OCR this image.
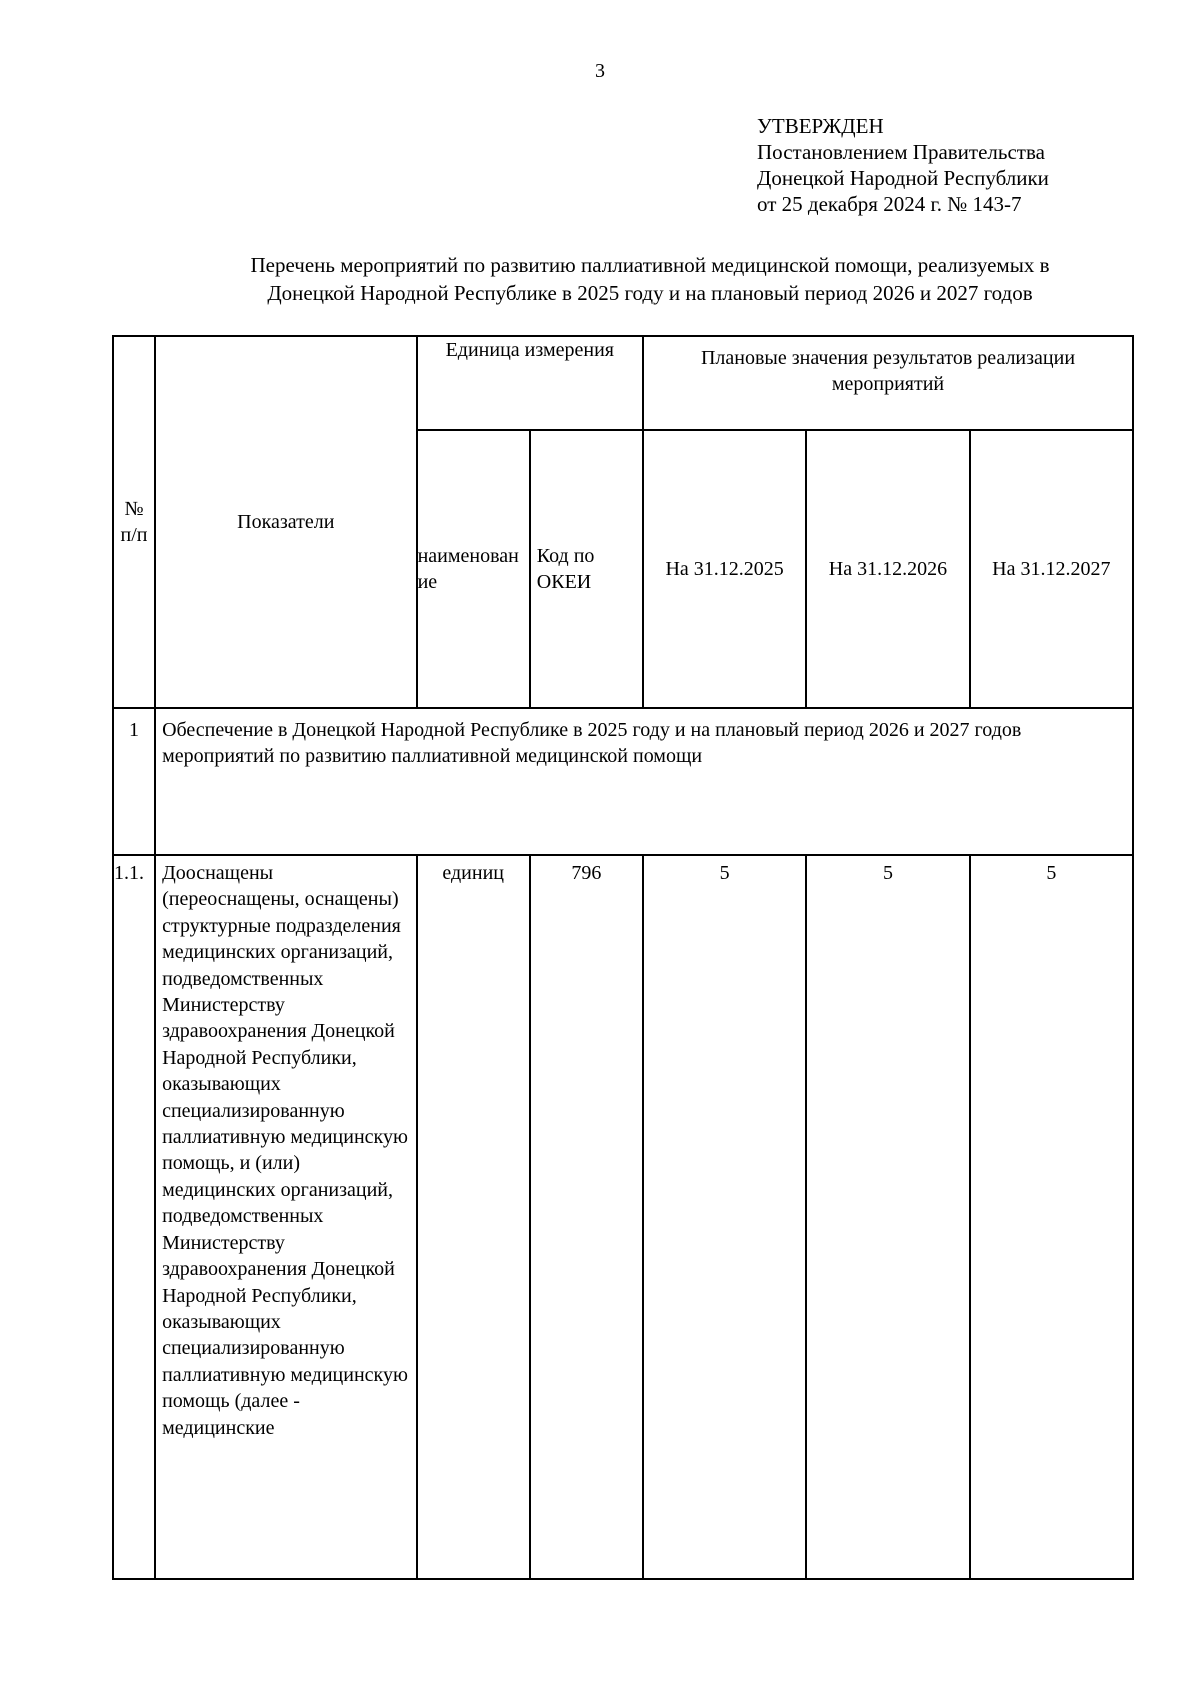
3
УТВЕРЖДЕН
Постановлением Правительства
Донецкой Народной Республики
от 25 декабря 2024 г. № 143-7
Перечень мероприятий по развитию паллиативной медицинской помощи, реализуемых в
Донецкой Народной Республике в 2025 году и на плановый период 2026 и 2027 годов
№ п/п	Показатели	Единица измерения		Плановые значения результатов реализации мероприятий		
		наименование	Код по ОКЕИ	На 31.12.2025	На 31.12.2026	На 31.12.2027
1	Обеспечение в Донецкой Народной Республике в 2025 году и на плановый период 2026 и 2027 годов мероприятий по развитию паллиативной медицинской помощи					
1.1.	Дооснащены (переоснащены, оснащены) структурные подразделения медицинских организаций, подведомственных Министерству здравоохранения Донецкой Народной Республики, оказывающих специализированную паллиативную медицинскую помощь, и (или) медицинских организаций, подведомственных Министерству здравоохранения Донецкой Народной Республики, оказывающих специализированную паллиативную медицинскую помощь (далее - медицинские	единиц	796	5	5	5
